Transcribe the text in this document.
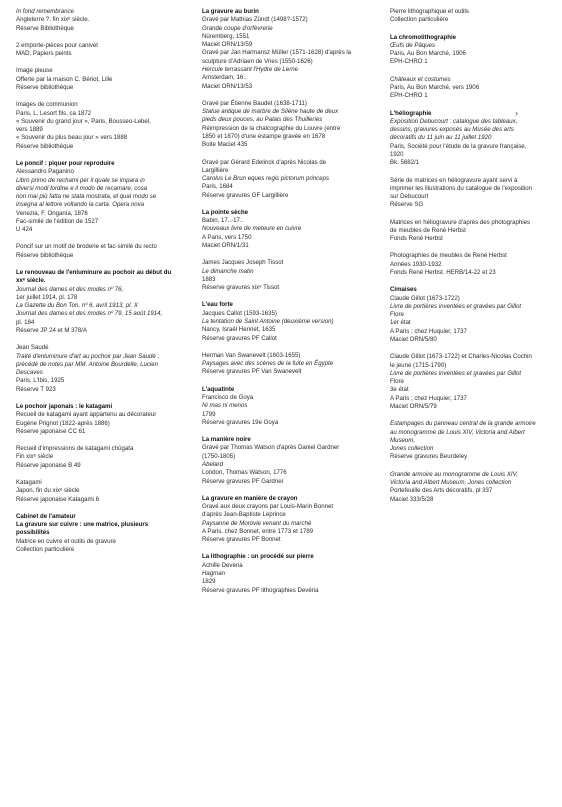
In fond remembrance
Angleterre ?, fin xixᵉ siècle.
Réserve Bibliothèque
2 emporte-pièces pour canivet
MAD, Papiers peints
Image pieuse
Offerte par la maison C. Bériot, Lille
Réserve bibliothèque
Images de communion
Paris, L. Lesort fils, ca 1872
« Souvenir du grand jour », Paris, Bousseo-Lebel,
vers 1889
« Souvenir du plus beau jour » vers 1888
Réserve bibliothèque
Le poncif : piquer pour reproduire
Alessandro Paganino
Libro primo de rechami per il quale se impara in
diversi modi lordine e il modo de recamare, cosa
non mai più fatta ne stata mostrata, el qual modo se
insegna al lettore voltando la carta. Opera nova
Venezia, F. Onganía, 1876
Fac-similé de l'édition de 1527
U 424
Poncif sur un motif de broderie et fac-similé du recto
Réserve bibliothèque
Le renouveau de l'enluminure au pochoir au début du
xxᵉ siècle.
Journal des dames et des modes nº 76,
1er juillet 1914, pl. 178
La Gazette du Bon Ton, nº 6, avril 1913, pl. X
Journal des dames et des modes nº 79, 15 août 1914,
pl. 184
Réserve JP 24 et M 378/A
Jean Saudé
Traité d'enluminure d'art au pochoir par Jean Saudé ;
précédé de notes par MM. Antoine Bourdelle, Lucien
Descaves
Paris, L'Ibis, 1925
Réserve T 923
Le pochoir japonais : le katagami
Recueil de katagami ayant appartenu au décorateur
Eugène Prignot (1822-après 1886)
Réserve japonaise CC 61
Recueil d'impressions de katagami chūgata
Fin xixᵉ siècle
Réserve japonaise B 49
Katagami
Japon, fin du xixᵉ siècle
Réserve japonaise Katagami 6
Cabinet de l'amateur
La gravure sur cuivre : une matrice, plusieurs
possibilités
Matrice en cuivre et outils de gravure
Collection particulière
La gravure au burin
Gravé par Mathias Zündt (1498?-1572)
Grande coupe d'orfèvrerie
Nüremberg, 1551
Maciet ORN/13/59
Gravé par Jan Harmansz Müller (1571-1628) d'après la
sculpture d'Adriaen de Vries (1550-1626)
Hercule terrassant l'Hydre de Lerne
Amsterdam, 16..
Maciet ORN/13/53
Gravé par Étienne Baudet (1638-1711)
Statue antique de marbre de Silène haute de deux
pieds deux pouces, au Palais des Thuilleries
Réimpression de la chalcographie du Louvre (entre
1850 et 1870) d'une estampe gravée en 1678
Boite Maciet 435
Gravé par Gérard Edelinck d'après Nicolas de
Largillière
Carolus Le Brun eques regis pictorum princeps
Paris, 1684
Réserve gravures GF Largillière
La pointe sèche
Babin, 17..-17..
Nouveaux livre de meteure en cuivre
A Paris, vers 1750
Maciet ORN/1/31
James Jacques Joseph Tissot
Le dimanche matin
1883
Réserve gravures xixᵉ Tissot
L'eau forte
Jacques Callot (1593-1635)
La tentation de Saint Antoine (deuxième version)
Nancy, Israël Henriet, 1635
Réserve gravures PF Callot
Herman Van Swanevelt (1603-1655)
Paysages avec des scènes de la fuite en Égypte
Réserve gravures PF Van Swanevelt
L'aquatinte
Francisco de Goya
Ni mas ni menos
1799
Réserve gravures 19e Goya
La manière noire
Gravé par Thomas Watson d'après Daniel Gardner
(1750-1805)
Abelard
London, Thomas Watson, 1776
Réserve gravures PF Gardner
La gravure en manière de crayon
Gravé aux deux crayons par Louis-Marin Bonnet
d'après Jean-Baptiste Leprince
Paysanne de Morovie venant du marché
A Paris, chez Bonnet, entre 1773 et 1789
Réserve gravures PF Bonnet
La lithographie : un procédé sur pierre
Achille Devéria
Hagman
1829
Réserve gravures PF lithographies Devéria
Pierre lithographique et outils
Collection particulière
La chromolithographie
Œufs de Pâques
Paris, Au Bon Marché, 1906
EPH-CHRO 1
Châteaux et costumes
Paris, Au Bon Marché, vers 1906
EPH-CHRO 1
L'héliographie
Exposition Debucourt : catalogue des tableaux,
dessins, gravures exposés au Musée des arts
décoratifs du 11 juin au 11 juillet 1920
Paris, Société pour l'étude de la gravure française,
1920
Bk. 5682/1
Série de matrices en héliogravure ayant servi à
imprimer les illustrations du catalogue de l'exposition
sur Debucourt
Réserve SG
Matrices en héliogravure d'après des photographies
de meubles de René Herbst
Fonds René Herbst
Photographies de meubles de René Herbst
Années 1930-1932
Fonds René Herbst. HERB/14-22 et 23
Cimaises
Claude Gillot (1673-1722)
Livre de portières inventées et gravées par Gillot
Flore
1er état
A Paris ; chez Huquier, 1737
Maciet ORN/5/80
Claude Gillot (1673-1722) et Charles-Nicolas Cochin
le jeune (1715-1790)
Livre de portières inventées et gravées par Gillot
Flore
3e état
A Paris ; chez Huquier, 1737
Maciet ORN/5/79
Estampages du panneau central de la grande armoire
au monogramme de Louis XIV, Victoria and Albert
Museum,
Jones collection
Réserve gravures Beurdeley
Grande armoire au monogramme de Louis XIV,
Victoria and Albert Museum, Jones collection
Portefeuille des Arts décoratifs, pl 337
Maciet 333/5/28
›
